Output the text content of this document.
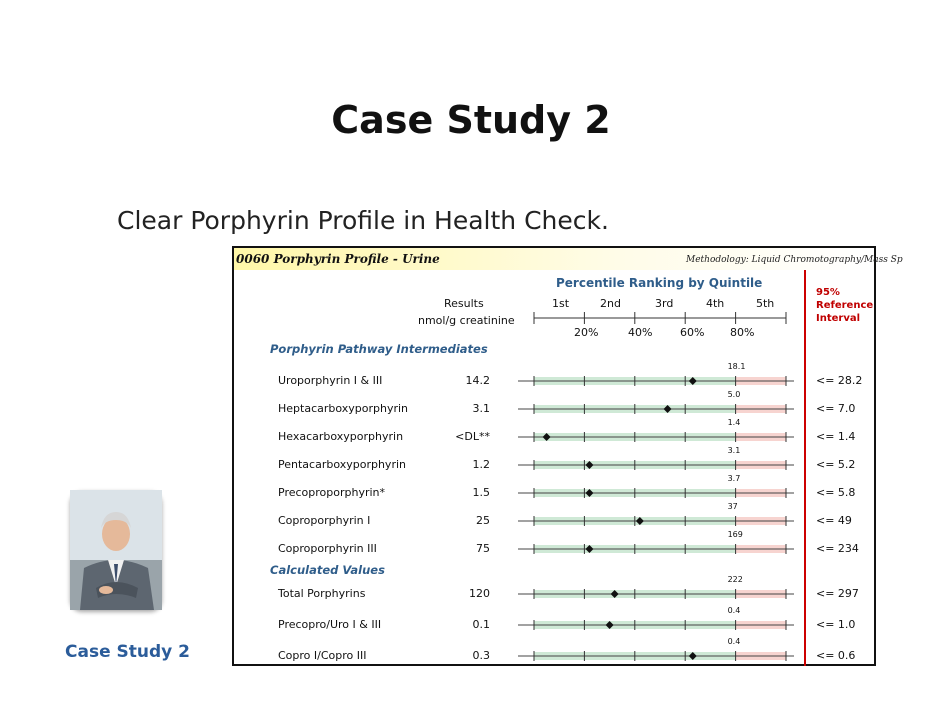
Case Study 2
Clear Porphyrin Profile in Health Check.
Case Study 2
0060 Porphyrin Profile - Urine	Methodology: Liquid Chromotography/Mass Sp
Percentile Ranking by Quintile
1st	2nd	3rd	4th	5th
20%	40%	60% 80%
95%
Reference
Interval
Results
nmol/g creatinine
Porphyrin Pathway Intermediates
Calculated Values
18.1
Uroporphyrin I & III	14.2	<= 28.2
5.0
Heptacarboxyporphyrin	3.1	<= 7.0
1.4
Hexacarboxyporphyrin	<DL**	<= 1.4
3.1
Pentacarboxyporphyrin	1.2	<= 5.2
3.7
Precoproporphyrin*	1.5	<= 5.8
37
Coproporphyrin I	25	<= 49
169
Coproporphyrin III	75	<= 234
222
Total Porphyrins	120	<= 297
0.4
Precopro/Uro I & III	0.1	<= 1.0
0.4
Copro I/Copro III	0.3	<= 0.6
